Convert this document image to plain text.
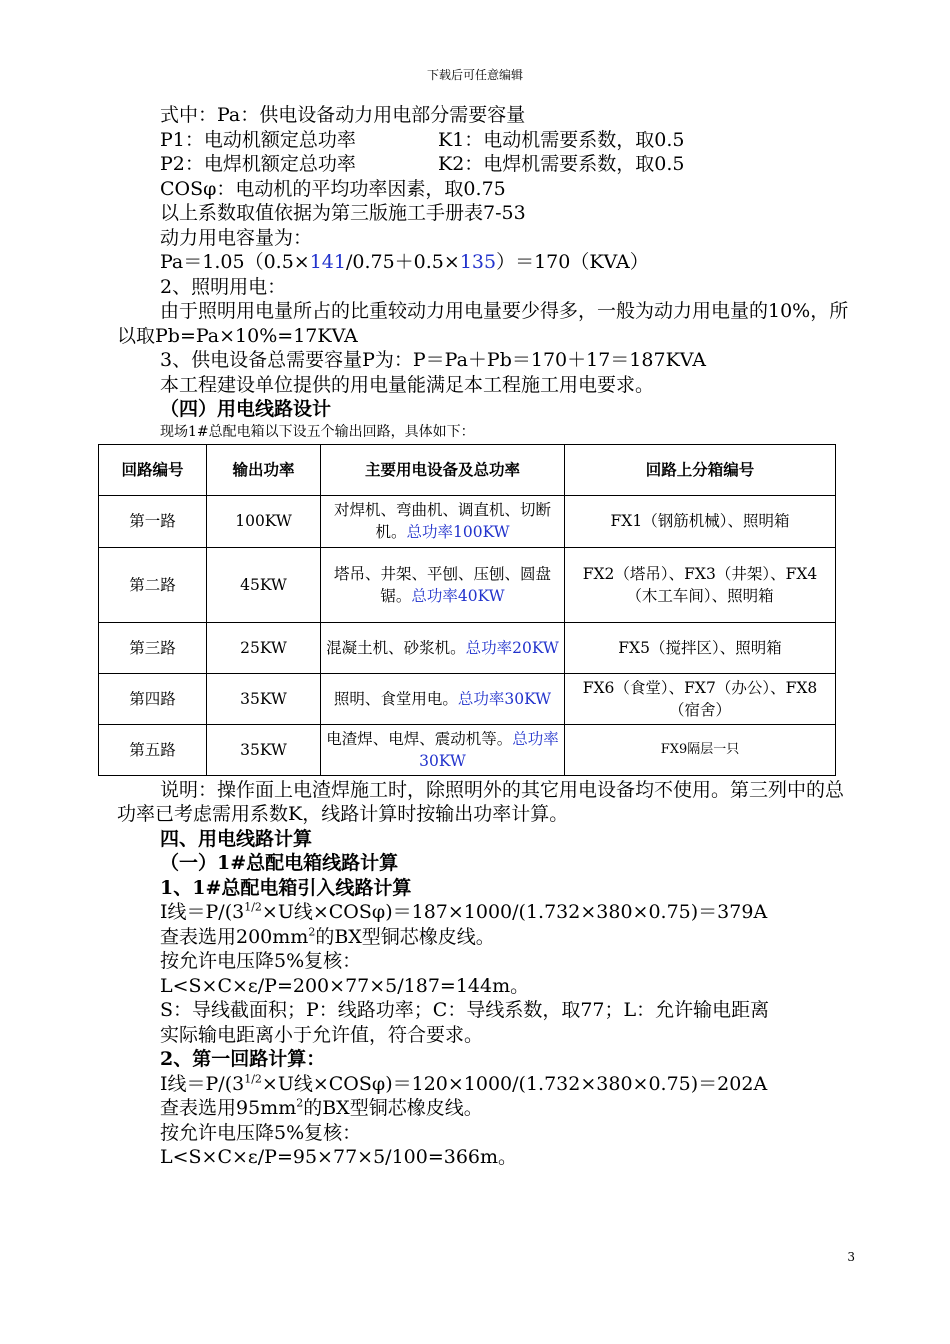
下载后可任意编辑

式中：Pa：供电设备动力用电部分需要容量

P1：电动机额定总功率	K1：电动机需要系数，取0.5

P2：电焊机额定总功率	K2：电焊机需要系数，取0.5

COSφ：电动机的平均功率因素，取0.75

以上系数取值依据为第三版施工手册表7-53

动力用电容量为：

Pa＝1.05（0.5×141/0.75＋0.5×135）＝170（KVA）

2、照明用电：

由于照明用电量所占的比重较动力用电量要少得多，一般为动力用电量的10%，所以取Pb=Pa×10%=17KVA

3、供电设备总需要容量P为：P＝Pa＋Pb＝170＋17＝187KVA

本工程建设单位提供的用电量能满足本工程施工用电要求。

（四）用电线路设计

现场1#总配电箱以下设五个输出回路，具体如下：

回路编号	输出功率	主要用电设备及总功率	回路上分箱编号
第一路	100KW	对焊机、弯曲机、调直机、切断机。总功率100KW	FX1（钢筋机械）、照明箱
第二路	45KW	塔吊、井架、平刨、压刨、圆盘锯。总功率40KW	FX2（塔吊）、FX3（井架）、FX4（木工车间）、照明箱
第三路	25KW	混凝土机、砂浆机。总功率20KW	FX5（搅拌区）、照明箱
第四路	35KW	照明、食堂用电。总功率30KW	FX6（食堂）、FX7（办公）、FX8（宿舍）
第五路	35KW	电渣焊、电焊、震动机等。总功率30KW	FX9隔层一只

说明：操作面上电渣焊施工时，除照明外的其它用电设备均不使用。第三列中的总功率已考虑需用系数K，线路计算时按输出功率计算。

四、用电线路计算

（一）1#总配电箱线路计算

1、1#总配电箱引入线路计算

I线$=P/(3^{1/2}\times U$线×COSφ)＝187×1000/(1.732×380×0.75)＝379A

查表选用$200mm^2$的BX型铜芯橡皮线。

按允许电压降5%复核：

L<S×C×ε/P=200×77×5/187=144m。

S：导线截面积；P：线路功率；C：导线系数，取77；L：允许输电距离

实际输电距离小于允许值，符合要求。

2、第一回路计算：

I线$=P/(3^{1/2}\times U$线×COSφ)＝120×1000/(1.732×380×0.75)＝202A

查表选用$95mm^2$的BX型铜芯橡皮线。

按允许电压降5%复核：

L<S×C×ε/P=95×77×5/100=366m。

3
